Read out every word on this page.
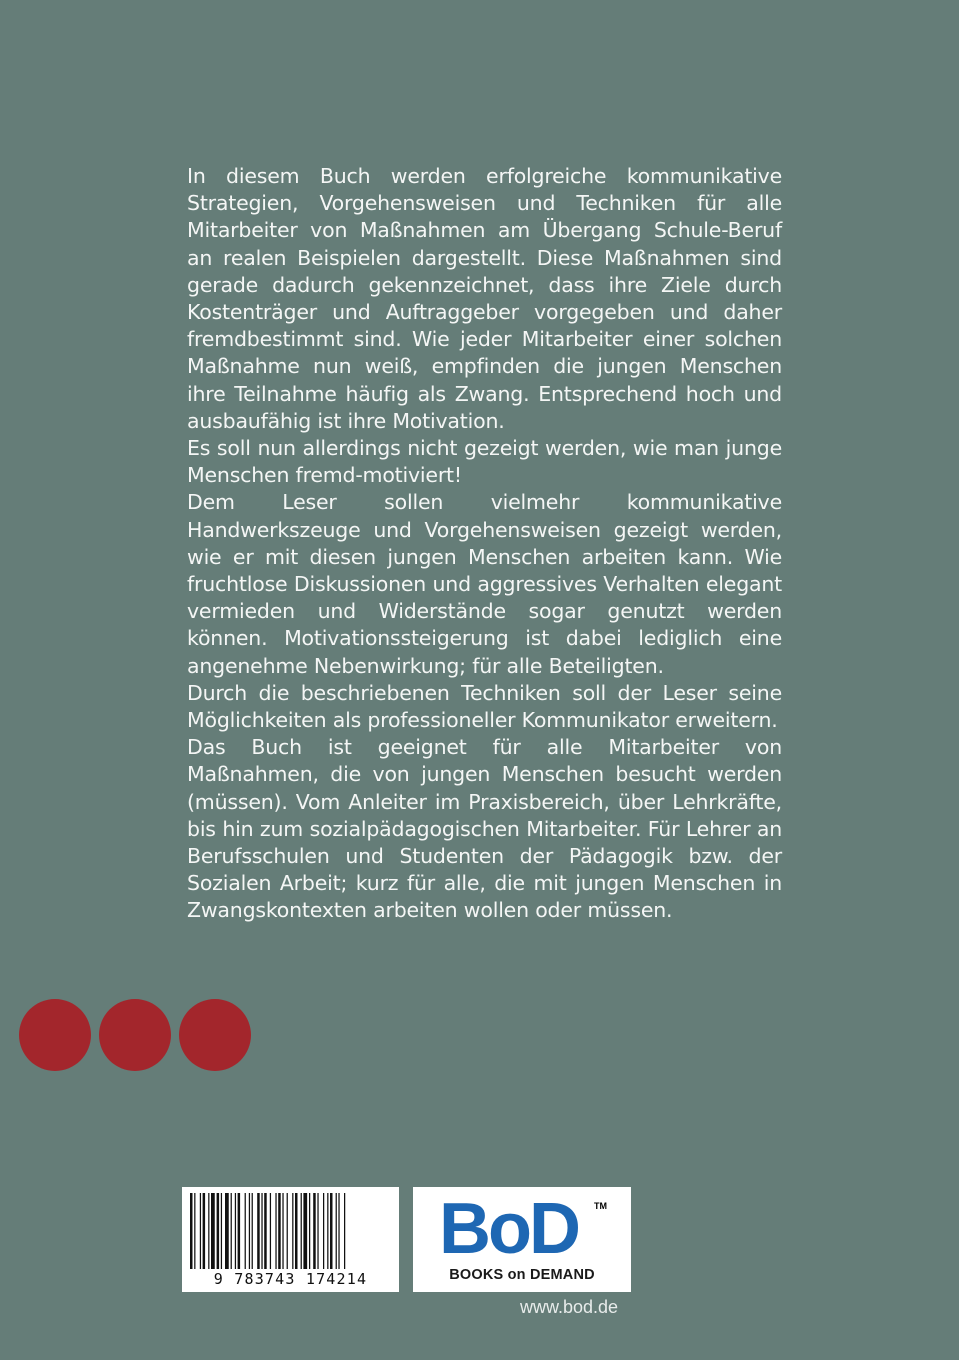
In diesem Buch werden erfolgreiche kommunikative Strategien, Vorgehensweisen und Techniken für alle Mitarbeiter von Maßnahmen am Übergang Schule-Beruf an realen Beispielen dargestellt. Diese Maßnahmen sind gerade dadurch gekennzeichnet, dass ihre Ziele durch Kostenträger und Auftraggeber vorgegeben und daher fremdbestimmt sind. Wie jeder Mitarbeiter einer solchen Maßnahme nun weiß, empfinden die jungen Menschen ihre Teilnahme häufig als Zwang. Entsprechend hoch und ausbaufähig ist ihre Motivation.

Es soll nun allerdings nicht gezeigt werden, wie man junge Menschen fremd-motiviert!

Dem Leser sollen vielmehr kommunikative Handwerkszeuge und Vorgehensweisen gezeigt werden, wie er mit diesen jungen Menschen arbeiten kann. Wie fruchtlose Diskussionen und aggressives Verhalten elegant vermieden und Widerstände sogar genutzt werden können. Motivationssteigerung ist dabei lediglich eine angenehme Nebenwirkung; für alle Beteiligten.

Durch die beschriebenen Techniken soll der Leser seine Möglichkeiten als professioneller Kommunikator erweitern.

Das Buch ist geeignet für alle Mitarbeiter von Maßnahmen, die von jungen Menschen besucht werden (müssen). Vom Anleiter im Praxisbereich, über Lehrkräfte, bis hin zum sozialpädagogischen Mitarbeiter. Für Lehrer an Berufsschulen und Studenten der Pädagogik bzw. der Sozialen Arbeit; kurz für alle, die mit jungen Menschen in Zwangskontexten arbeiten wollen oder müssen.

9 783743 174214
BoD TM
BOOKS on DEMAND
www.bod.de
